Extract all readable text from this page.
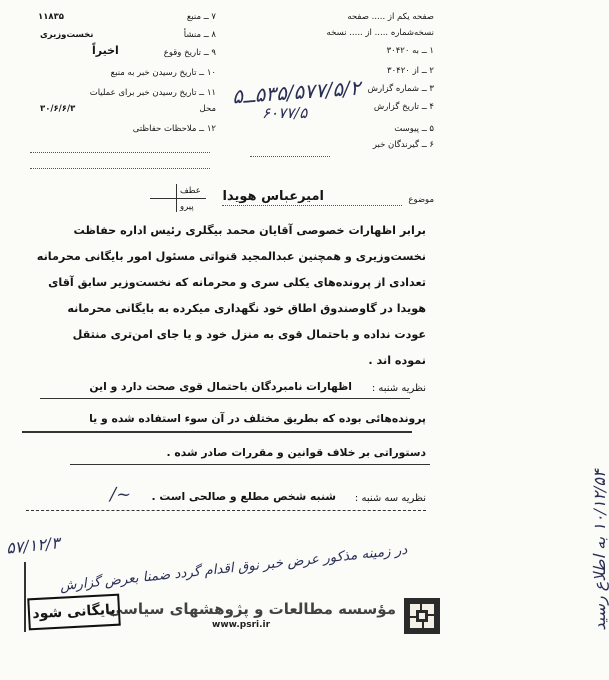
صفحه یکم از ..... صفحه
نسخه‌شماره ..... از ..... نسخه
۱ ــ به ۳۰۴۲۰
۲ ــ از ۳۰۴۲۰
۳ ــ شماره گزارش
۴ ــ تاریخ گزارش
۵ ــ پیوست
۶ ــ گیرندگان خبر
۵۳۵/۵۷۷/۵/۲ــ۵
۶۰۷۷/۵
۷ ــ منبع
۱۱۸۳۵
۸ ــ منشأ
نخست‌وزیری
۹ ــ تاریخ وقوع
اخیراً
۱۰ ــ تاریخ رسیدن خبر به منبع
۱۱ ــ تاریخ رسیدن خبر برای عملیات
محل
۳۰/۶/۶/۳
۱۲ ــ ملاحظات حفاظتی
عطف
پیرو
موضوع
امیرعباس هویدا
برابر اظهارات خصوصی آقایان محمد بیگلری رئیس اداره حفاظت
نخست‌وزیری و همچنین عبدالمجید قنواتی مسئول امور بایگانی محرمانه
تعدادی از پرونده‌های یکلی سری و محرمانه که نخست‌وزیر سابق آقای
هویدا در گاوصندوق اطاق خود نگهداری میکرده به بایگانی محرمانه
عودت نداده و باحتمال قوی به منزل خود و یا جای امن‌تری منتقل
نموده اند .
نظریه شنبه :
اظهارات نامبردگان باحتمال قوی صحت دارد و این
پرونده‌هائی بوده که بطریق مختلف در آن سوء استفاده شده و یا
دستوراتی بر خلاف قوانین و مقررات صادر شده .
نظریه سه شنبه :
شنبه شخص مطلع و صالحی است .
~∕
۱۰/۱۲/۵۴ به اطلاع رسید
در زمینه مذکور عرض خبر نوق اقدام گردد ضمنا بعرض گزارش
۵۷/۱۲/۳
بایگانی شود
مؤسسه مطالعات و پژوهشهای سیاسی
www.psri.ir
